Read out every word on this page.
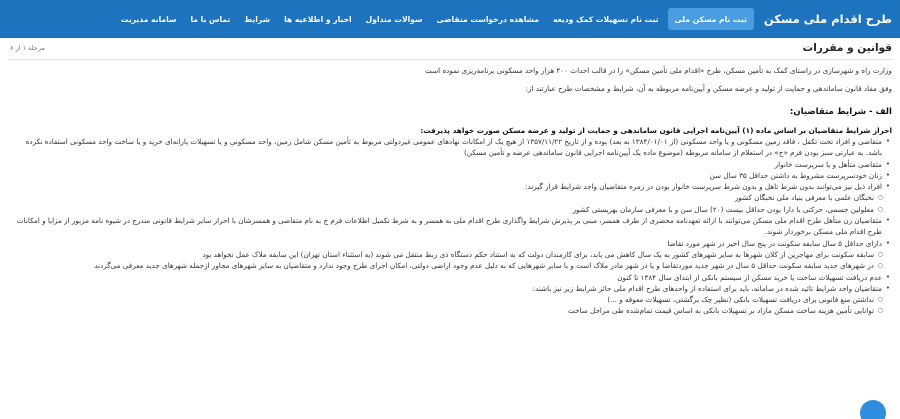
طرح اقدام ملی مسکن
ثبت نام مسکن ملی
ثبت نام تسهیلات کمک ودیعه
مشاهده درخواست متقاضی
سوالات متداول
اخبار و اطلاعیه ها
شرایط
تماس با ما
سامانه مدیریت
مرحله ۱ از ۸	قوانین و مقررات

وزارت راه و شهرسازی در راستای کمک به تأمین مسکن، طرح «اقدام ملی تأمین مسکن» را در قالب احداث ۴۰۰ هزار واحد مسکونی برنامه‌ریزی نموده است

وفق مفاد قانون ساماندهی و حمایت از تولید و عرضه مسکن و آیین‌نامه مربوطه به آن، شرایط و مشخصات طرح عبارتند از:

الف - شرایط متقاضیان:
احراز شرایط متقاضیان بر اساس ماده (۱) آیین‌نامه اجرایی قانون ساماندهی و حمایت از تولید و عرضه مسکن صورت خواهد پذیرفت:
• متقاضی و افراد تحت تکفل ، فاقد زمین مسکونی و یا واحد مسکونی (از ۱۳۸۴/۰۱/۰۱ به بعد) بوده و از تاریخ ۱۳۵۷/۱۱/۲۲ از هیچ یک از امکانات نهادهای عمومی غیردولتی مربوط به تأمین مسکن شامل زمین، واحد مسکونی و یا تسهیلات یارانه‌ای خرید و یا ساخت واحد مسکونی استفاده نکرده باشد. به عبارتی سبز بودن فرم «ج» در استعلام از سامانه مربوطه (موضوع ماده یک آیین‌نامه اجرایی قانون ساماندهی عرضه و تأمین مسکن)
• متقاضی متأهل و یا سرپرست خانوار
• زنان خودسرپرست مشروط به داشتن حداقل ۳۵ سال سن
• افراد ذیل نیز می‌توانند بدون شرط تاهل و بدون شرط سرپرست خانوار بودن در زمره متقاضیان واجد شرایط قرار گیرند:
○ نخبگان علمی با معرفی بنیاد ملی نخبگان کشور
○ معلولین جسمی، حرکتی با دارا بودن حداقل بیست (۲۰) سال سن و با معرفی سازمان بهزیستی کشور
• متقاضیان زن متأهل طرح اقدام ملی مسکن می‌توانند با ارائه تعهدنامه محضری از طرف همسر، مبنی بر پذیرش شرایط واگذاری طرح اقدام ملی به همسر و به شرط تکمیل اطلاعات فرم ج به نام متقاضی و همسرشان با احراز سایر شرایط قانونی مندرج در شیوه نامه مزبور از مزایا و امکانات طرح اقدام ملی مسکن برخوردار شوند.
• دارای حداقل ۵ سال سابقه سکونت در پنج سال اخیر در شهر مورد تقاضا
○ سابقه سکونت برای مهاجرین از کلان شهرها به سایر شهرهای کشور به یک سال کاهش می یابد، برای کارمندان دولت که به استناد حکم دستگاه ذی ربط منتقل می شوند (به استثناء استان تهران) این سابقه ملاک عمل نخواهد بود
○ در شهرهای جدید سابقه سکونت حداقل ۵ سال در شهر جدید موردتقاضا و یا در شهر مادر ملاک است و با سایر شهرهایی که به دلیل عدم وجود اراضی دولتی، امکان اجرای طرح وجود ندارد و متقاضیان به سایر شهرهای مجاور ازجمله شهرهای جدید معرفی می‌گردند
• عدم دریافت تسهیلات ساخت یا خرید مسکن از سیستم بانکی از ابتدای سال ۱۳۸۴ تا کنون
• متقاضیان واجد شرایط تائید شده در سامانه، باید برای استفاده از واحدهای طرح اقدام ملی حائز شرایط زیر نیز باشند:
○ نداشتن منع قانونی برای دریافت تسهیلات بانکی (نظیر چک برگشتی، تسهیلات معوقه و ...)
○ توانایی تأمین هزینه ساخت مسکن مازاد بر تسهیلات بانکی به اساس قیمت تمام‌شده طی مراحل ساخت
